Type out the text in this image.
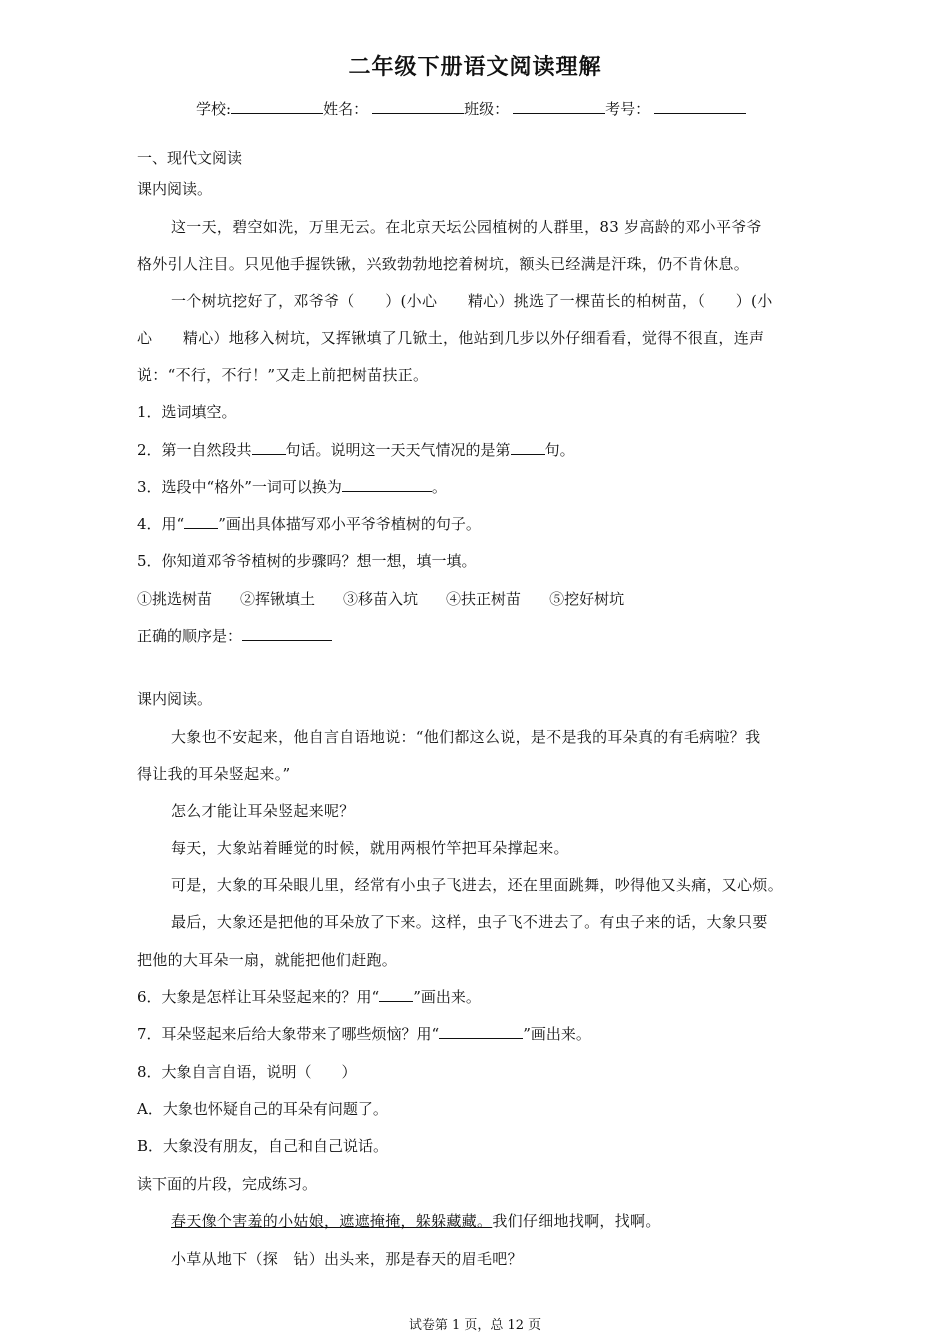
二年级下册语文阅读理解
学校:	姓名：	班级：	考号：
一、现代文阅读
课内阅读。
这一天，碧空如洗，万里无云。在北京天坛公园植树的人群里，83 岁高龄的邓小平爷爷
格外引人注目。只见他手握铁锹，兴致勃勃地挖着树坑，额头已经满是汗珠，仍不肯休息。
一个树坑挖好了，邓爷爷（　　）(小心　　精心）挑选了一棵苗长的柏树苗，（　　）(小
心　　精心）地移入树坑，又挥锹填了几锨土，他站到几步以外仔细看看，觉得不很直，连声
说：“不行，不行！”又走上前把树苗扶正。
1．选词填空。
2．第一自然段共 句话。说明这一天天气情况的是第 句。
3．选段中“格外”一词可以换为	。
4．用“ ”画出具体描写邓小平爷爷植树的句子。
5．你知道邓爷爷植树的步骤吗？想一想，填一填。
①挑选树苗 ②挥锹填土 ③移苗入坑 ④扶正树苗 ⑤挖好树坑
正确的顺序是：
课内阅读。
大象也不安起来，他自言自语地说：“他们都这么说，是不是我的耳朵真的有毛病啦？我
得让我的耳朵竖起来。”
怎么才能让耳朵竖起来呢？
每天，大象站着睡觉的时候，就用两根竹竿把耳朵撑起来。
可是，大象的耳朵眼儿里，经常有小虫子飞进去，还在里面跳舞，吵得他又头痛，又心烦。
最后，大象还是把他的耳朵放了下来。这样，虫子飞不进去了。有虫子来的话，大象只要
把他的大耳朵一扇，就能把他们赶跑。
6．大象是怎样让耳朵竖起来的？用“ ”画出来。
7．耳朵竖起来后给大象带来了哪些烦恼？用“	”画出来。
8．大象自言自语，说明（　　）
A．大象也怀疑自己的耳朵有问题了。
B．大象没有朋友，自己和自己说话。
读下面的片段，完成练习。
春天像个害羞的小姑娘，遮遮掩掩，躲躲藏藏。我们仔细地找啊，找啊。
小草从地下（探　钻）出头来，那是春天的眉毛吧？
试卷第 1 页，总 12 页
